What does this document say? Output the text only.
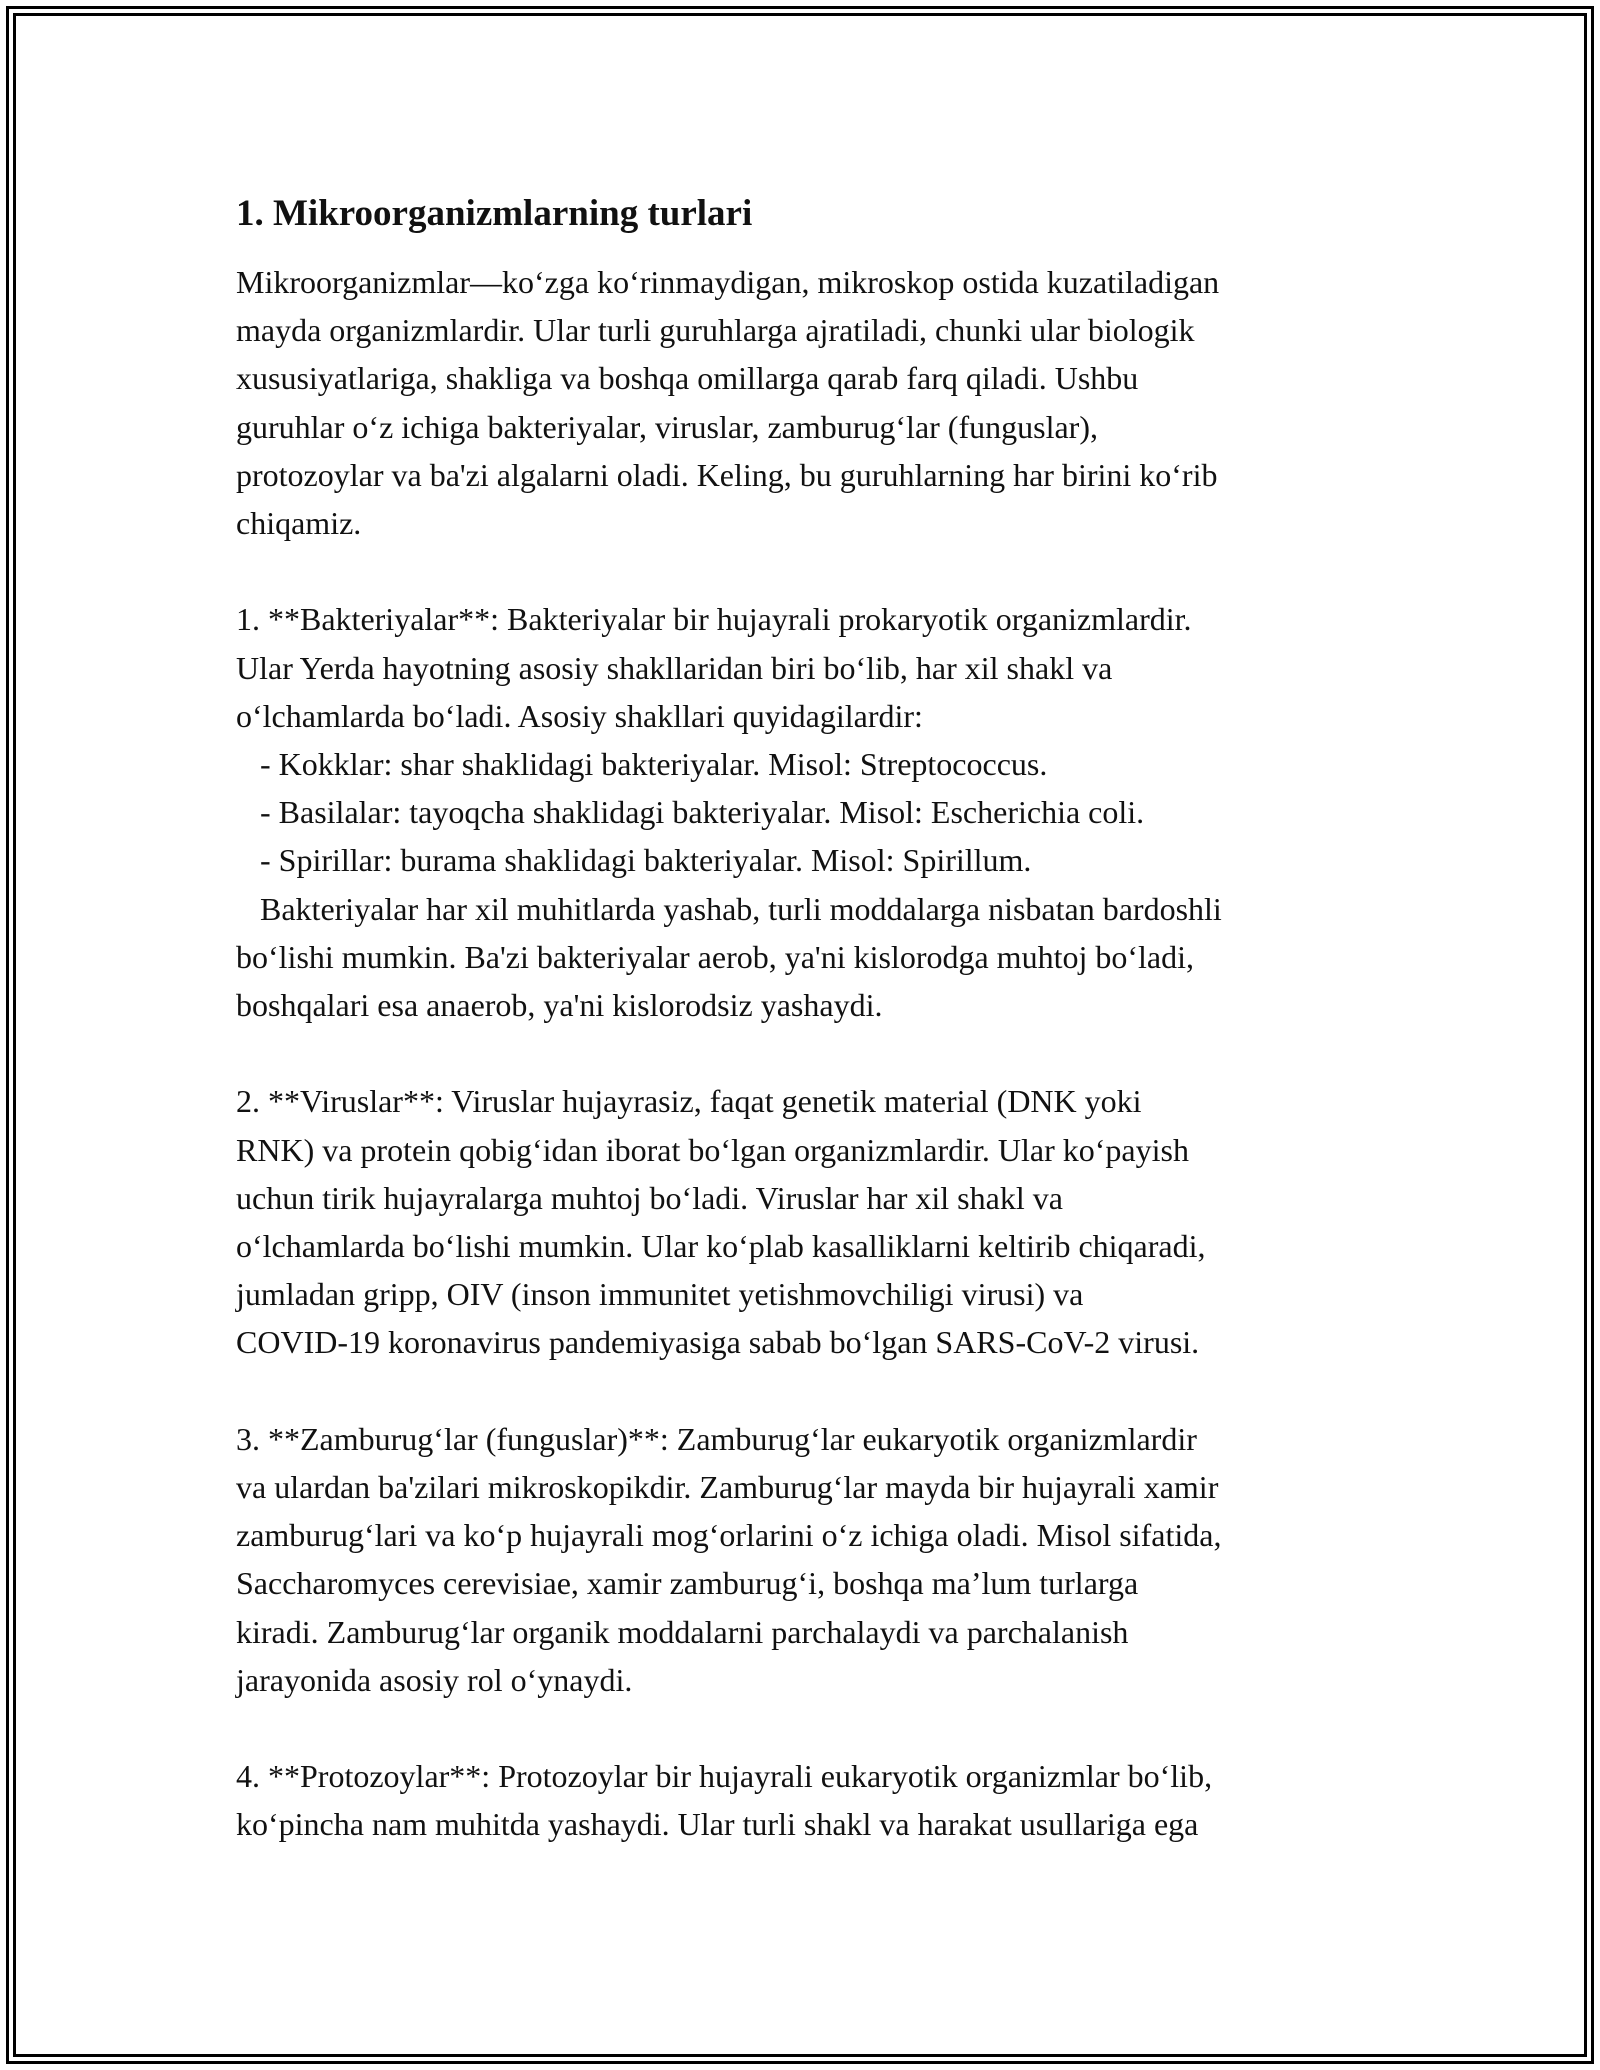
1. Mikroorganizmlarning turlari
Mikroorganizmlar—koʻzga koʻrinmaydigan, mikroskop ostida kuzatiladigan
mayda organizmlardir. Ular turli guruhlarga ajratiladi, chunki ular biologik
xususiyatlariga, shakliga va boshqa omillarga qarab farq qiladi. Ushbu
guruhlar oʻz ichiga bakteriyalar, viruslar, zamburugʻlar (funguslar),
protozoylar va ba'zi algalarni oladi. Keling, bu guruhlarning har birini koʻrib
chiqamiz.
1. **Bakteriyalar**: Bakteriyalar bir hujayrali prokaryotik organizmlardir.
Ular Yerda hayotning asosiy shakllaridan biri boʻlib, har xil shakl va
oʻlchamlarda boʻladi. Asosiy shakllari quyidagilardir:
- Kokklar: shar shaklidagi bakteriyalar. Misol: Streptococcus.
- Basilalar: tayoqcha shaklidagi bakteriyalar. Misol: Escherichia coli.
- Spirillar: burama shaklidagi bakteriyalar. Misol: Spirillum.
Bakteriyalar har xil muhitlarda yashab, turli moddalarga nisbatan bardoshli
boʻlishi mumkin. Ba'zi bakteriyalar aerob, ya'ni kislorodga muhtoj boʻladi,
boshqalari esa anaerob, ya'ni kislorodsiz yashaydi.
2. **Viruslar**: Viruslar hujayrasiz, faqat genetik material (DNK yoki
RNK) va protein qobigʻidan iborat boʻlgan organizmlardir. Ular koʻpayish
uchun tirik hujayralarga muhtoj boʻladi. Viruslar har xil shakl va
oʻlchamlarda boʻlishi mumkin. Ular koʻplab kasalliklarni keltirib chiqaradi,
jumladan gripp, OIV (inson immunitet yetishmovchiligi virusi) va
COVID-19 koronavirus pandemiyasiga sabab boʻlgan SARS-CoV-2 virusi.
3. **Zamburugʻlar (funguslar)**: Zamburugʻlar eukaryotik organizmlardir
va ulardan ba'zilari mikroskopikdir. Zamburugʻlar mayda bir hujayrali xamir
zamburugʻlari va koʻp hujayrali mogʻorlarini oʻz ichiga oladi. Misol sifatida,
Saccharomyces cerevisiae, xamir zamburugʻi, boshqa maʼlum turlarga
kiradi. Zamburugʻlar organik moddalarni parchalaydi va parchalanish
jarayonida asosiy rol oʻynaydi.
4. **Protozoylar**: Protozoylar bir hujayrali eukaryotik organizmlar boʻlib,
koʻpincha nam muhitda yashaydi. Ular turli shakl va harakat usullariga ega
